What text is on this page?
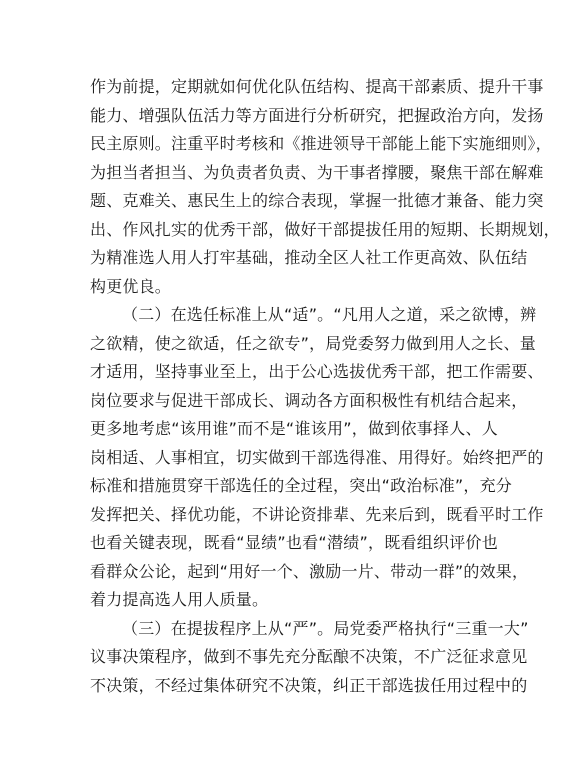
作为前提，定期就如何优化队伍结构、提高干部素质、提升干事
能力、增强队伍活力等方面进行分析研究，把握政治方向，发扬
民主原则。注重平时考核和《推进领导干部能上能下实施细则》，
为担当者担当、为负责者负责、为干事者撑腰，聚焦干部在解难
题、克难关、惠民生上的综合表现，掌握一批德才兼备、能力突
出、作风扎实的优秀干部，做好干部提拔任用的短期、长期规划，
为精准选人用人打牢基础，推动全区人社工作更高效、队伍结
构更优良。
（二）在选任标准上从“适”。“凡用人之道，采之欲博，辨
之欲精，使之欲适，任之欲专”，局党委努力做到用人之长、量
才适用，坚持事业至上，出于公心选拔优秀干部，把工作需要、
岗位要求与促进干部成长、调动各方面积极性有机结合起来，
更多地考虑“该用谁”而不是“谁该用”，做到依事择人、人
岗相适、人事相宜，切实做到干部选得准、用得好。始终把严的
标准和措施贯穿干部选任的全过程，突出“政治标准”，充分
发挥把关、择优功能，不讲论资排辈、先来后到，既看平时工作
也看关键表现，既看“显绩”也看“潜绩”，既看组织评价也
看群众公论，起到“用好一个、激励一片、带动一群”的效果，
着力提高选人用人质量。
（三）在提拔程序上从“严”。局党委严格执行“三重一大”
议事决策程序，做到不事先充分酝酿不决策，不广泛征求意见
不决策，不经过集体研究不决策，纠正干部选拔任用过程中的
